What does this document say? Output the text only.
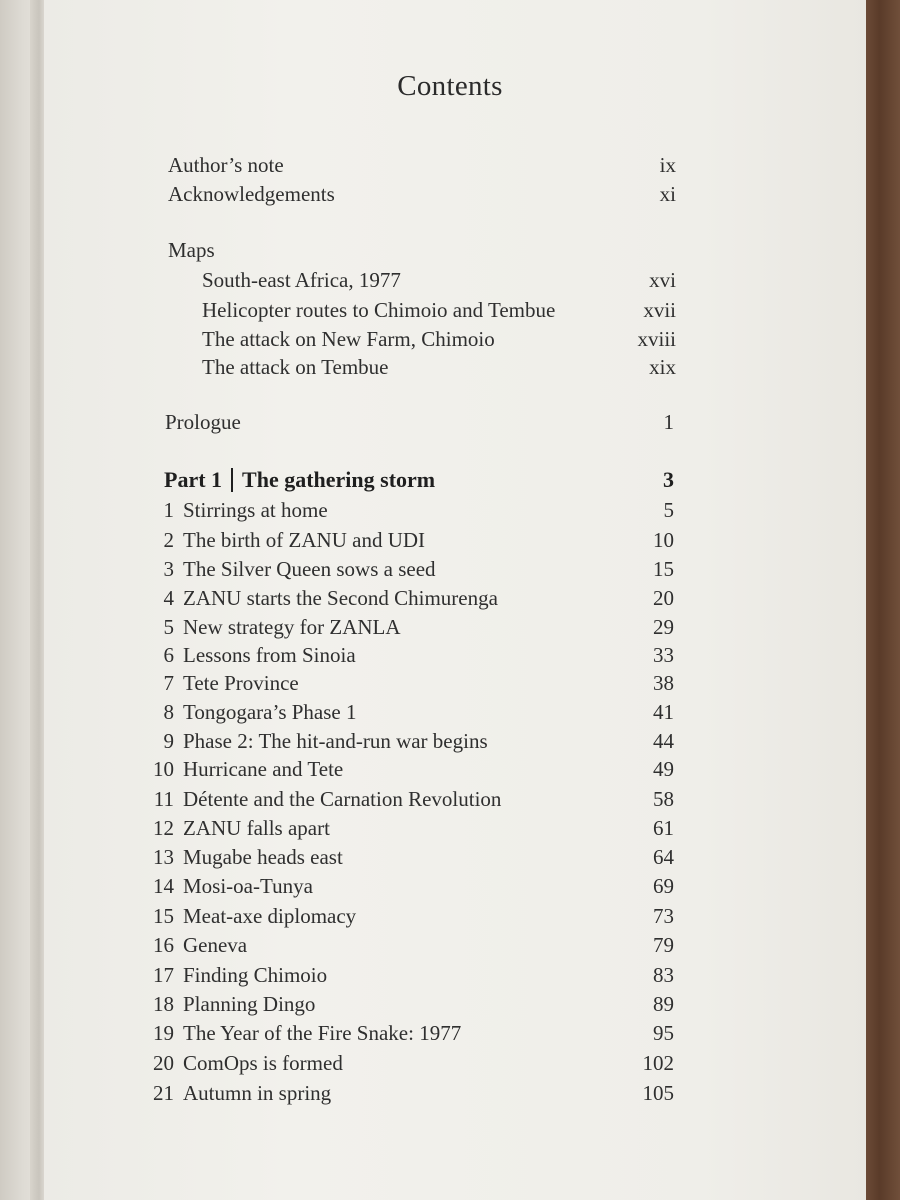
Contents
Author’s note	ix
Acknowledgements	xi
Maps
South-east Africa, 1977	xvi
Helicopter routes to Chimoio and Tembue	xvii
The attack on New Farm, Chimoio	xviii
The attack on Tembue	xix
Prologue	1
Part 1 The gathering storm	3
1 Stirrings at home	5
2 The birth of ZANU and UDI	10
3 The Silver Queen sows a seed	15
4 ZANU starts the Second Chimurenga	20
5 New strategy for ZANLA	29
6 Lessons from Sinoia	33
7 Tete Province	38
8 Tongogara’s Phase 1	41
9 Phase 2: The hit-and-run war begins	44
10 Hurricane and Tete	49
11 Détente and the Carnation Revolution	58
12 ZANU falls apart	61
13 Mugabe heads east	64
14 Mosi-oa-Tunya	69
15 Meat-axe diplomacy	73
16 Geneva	79
17 Finding Chimoio	83
18 Planning Dingo	89
19 The Year of the Fire Snake: 1977	95
20 ComOps is formed	102
21 Autumn in spring	105
